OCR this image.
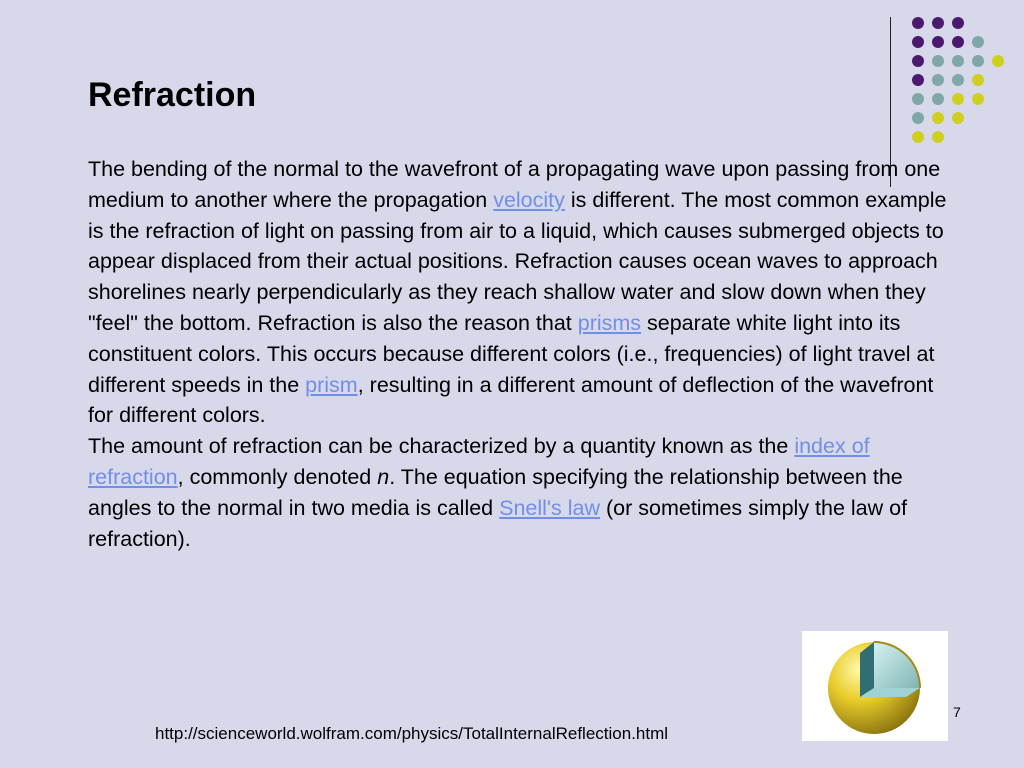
Refraction

The bending of the normal to the wavefront of a propagating wave upon passing from one medium to another where the propagation velocity is different. The most common example is the refraction of light on passing from air to a liquid, which causes submerged objects to appear displaced from their actual positions. Refraction causes ocean waves to approach shorelines nearly perpendicularly as they reach shallow water and slow down when they "feel" the bottom. Refraction is also the reason that prisms separate white light into its constituent colors. This occurs because different colors (i.e., frequencies) of light travel at different speeds in the prism, resulting in a different amount of deflection of the wavefront for different colors.

The amount of refraction can be characterized by a quantity known as the index of refraction, commonly denoted n. The equation specifying the relationship between the angles to the normal in two media is called Snell's law (or sometimes simply the law of refraction).

7
http://scienceworld.wolfram.com/physics/TotalInternalReflection.html
